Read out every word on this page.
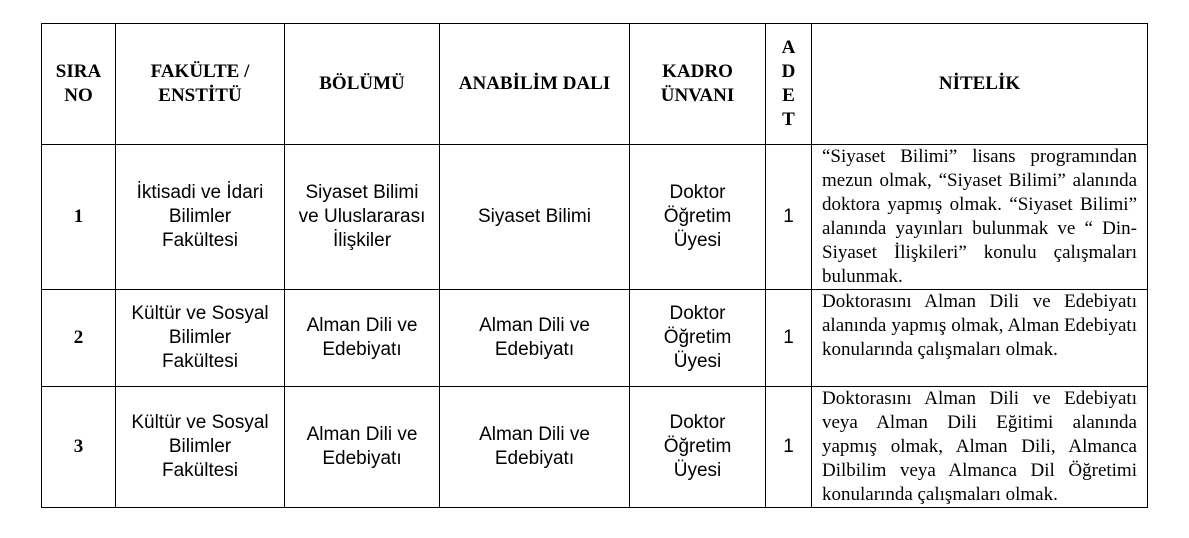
SIRA
NO	FAKÜLTE /
ENSTİTÜ	BÖLÜMÜ	ANABİLİM DALI	KADRO
ÜNVANI	A
D
E
T	NİTELİK
1	İktisadi ve İdari
Bilimler
Fakültesi	Siyaset Bilimi
ve Uluslararası
İlişkiler	Siyaset Bilimi	Doktor
Öğretim
Üyesi	1	“Siyaset Bilimi” lisans programından mezun olmak, “Siyaset Bilimi” alanında doktora yapmış olmak. “Siyaset Bilimi” alanında yayınları bulunmak ve “ Din-Siyaset İlişkileri” konulu çalışmaları bulunmak.
2	Kültür ve Sosyal
Bilimler
Fakültesi	Alman Dili ve
Edebiyatı	Alman Dili ve
Edebiyatı	Doktor
Öğretim
Üyesi	1	Doktorasını Alman Dili ve Edebiyatı alanında yapmış olmak, Alman Edebiyatı konularında çalışmaları olmak.
3	Kültür ve Sosyal
Bilimler
Fakültesi	Alman Dili ve
Edebiyatı	Alman Dili ve
Edebiyatı	Doktor
Öğretim
Üyesi	1	Doktorasını Alman Dili ve Edebiyatı veya Alman Dili Eğitimi alanında yapmış olmak, Alman Dili, Almanca Dilbilim veya Almanca Dil Öğretimi konularında çalışmaları olmak.
